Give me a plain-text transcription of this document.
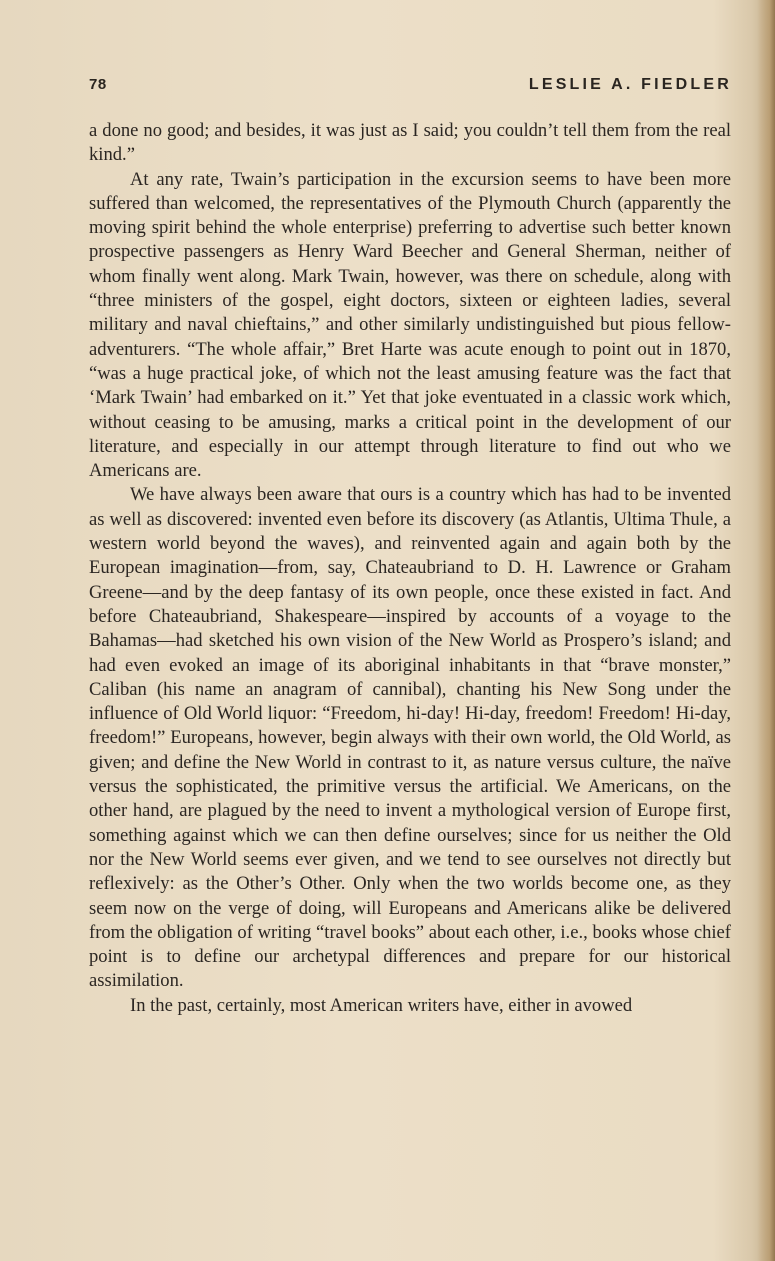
78	LESLIE A. FIEDLER

a done no good; and besides, it was just as I said; you couldn’t tell them from the real kind.”

At any rate, Twain’s participation in the excursion seems to have been more suffered than welcomed, the representatives of the Plymouth Church (apparently the moving spirit behind the whole enterprise) preferring to advertise such better known prospective passengers as Henry Ward Beecher and General Sherman, neither of whom finally went along. Mark Twain, however, was there on schedule, along with “three ministers of the gospel, eight doctors, sixteen or eighteen ladies, several military and naval chieftains,” and other similarly undistinguished but pious fellow-adventurers. “The whole affair,” Bret Harte was acute enough to point out in 1870, “was a huge practical joke, of which not the least amusing feature was the fact that ‘Mark Twain’ had embarked on it.” Yet that joke eventuated in a classic work which, without ceasing to be amusing, marks a critical point in the development of our literature, and especially in our attempt through literature to find out who we Americans are.

We have always been aware that ours is a country which has had to be invented as well as discovered: invented even before its discovery (as Atlantis, Ultima Thule, a western world beyond the waves), and reinvented again and again both by the European imagination—from, say, Chateaubriand to D. H. Lawrence or Graham Greene—and by the deep fantasy of its own people, once these existed in fact. And before Chateaubriand, Shakespeare—inspired by accounts of a voyage to the Bahamas—had sketched his own vision of the New World as Prospero’s island; and had even evoked an image of its aboriginal inhabitants in that “brave monster,” Caliban (his name an anagram of cannibal), chanting his New Song under the influence of Old World liquor: “Freedom, hi-day! Hi-day, freedom! Freedom! Hi-day, freedom!” Europeans, however, begin always with their own world, the Old World, as given; and define the New World in contrast to it, as nature versus culture, the naïve versus the sophisticated, the primitive versus the artificial. We Americans, on the other hand, are plagued by the need to invent a mythological version of Europe first, something against which we can then define ourselves; since for us neither the Old nor the New World seems ever given, and we tend to see ourselves not directly but reflexively: as the Other’s Other. Only when the two worlds become one, as they seem now on the verge of doing, will Europeans and Americans alike be delivered from the obligation of writing “travel books” about each other, i.e., books whose chief point is to define our archetypal differences and prepare for our historical assimilation.

In the past, certainly, most American writers have, either in avowed
